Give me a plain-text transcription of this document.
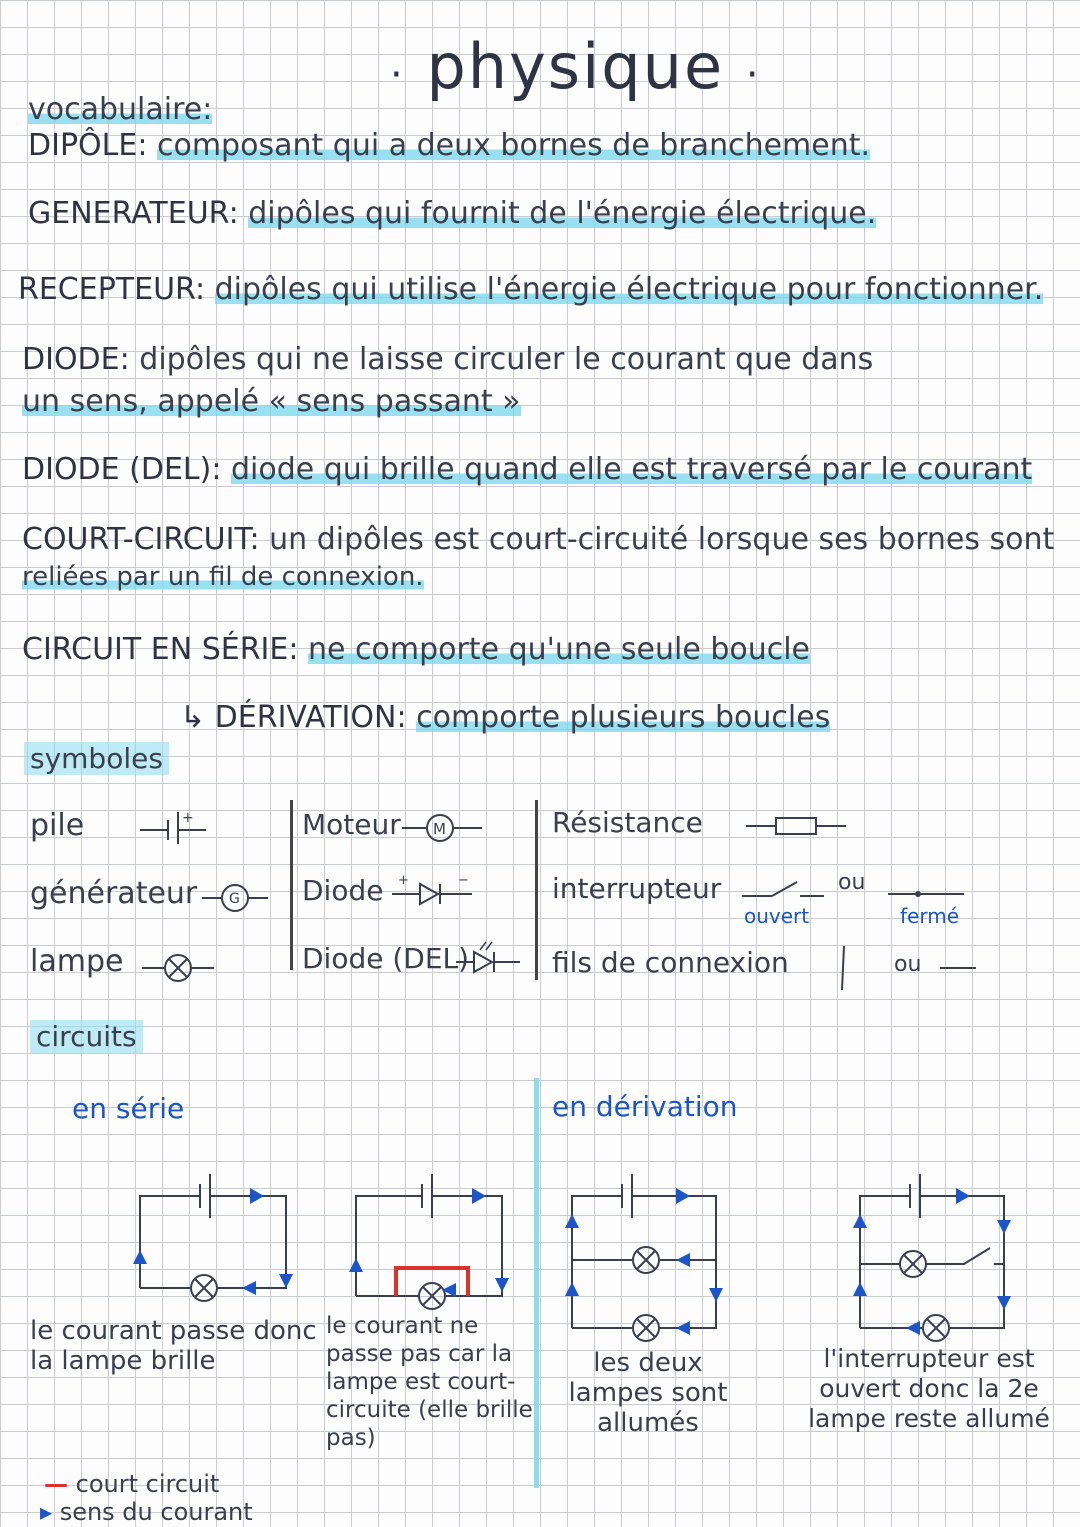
· physique ·
vocabulaire:
DIPÔLE: composant qui a deux bornes de branchement.
GENERATEUR: dipôles qui fournit de l'énergie électrique.
RECEPTEUR: dipôles qui utilise l'énergie électrique pour fonctionner.
DIODE: dipôles qui ne laisse circuler le courant que dans
un sens, appelé « sens passant »
DIODE (DEL): diode qui brille quand elle est traversé par le courant
COURT-CIRCUIT: un dipôles est court-circuité lorsque ses bornes sont
reliées par un fil de connexion.
CIRCUIT EN SÉRIE: ne comporte qu'une seule boucle
↳ DÉRIVATION: comporte plusieurs boucles
symboles
pile	+
générateur G
lampe
Moteur M
Diode +	−
Diode (DEL)
Résistance
interrupteur
ouvert
ou
fermé
fils de connexion	ou
circuits
en série	en dérivation
le courant passe donc la lampe brille
le courant ne passe pas car la lampe est court-circuite (elle brille pas)
les deux lampes sont allumés
l'interrupteur est ouvert donc la 2e lampe reste allumé
— court circuit
▸ sens du courant
